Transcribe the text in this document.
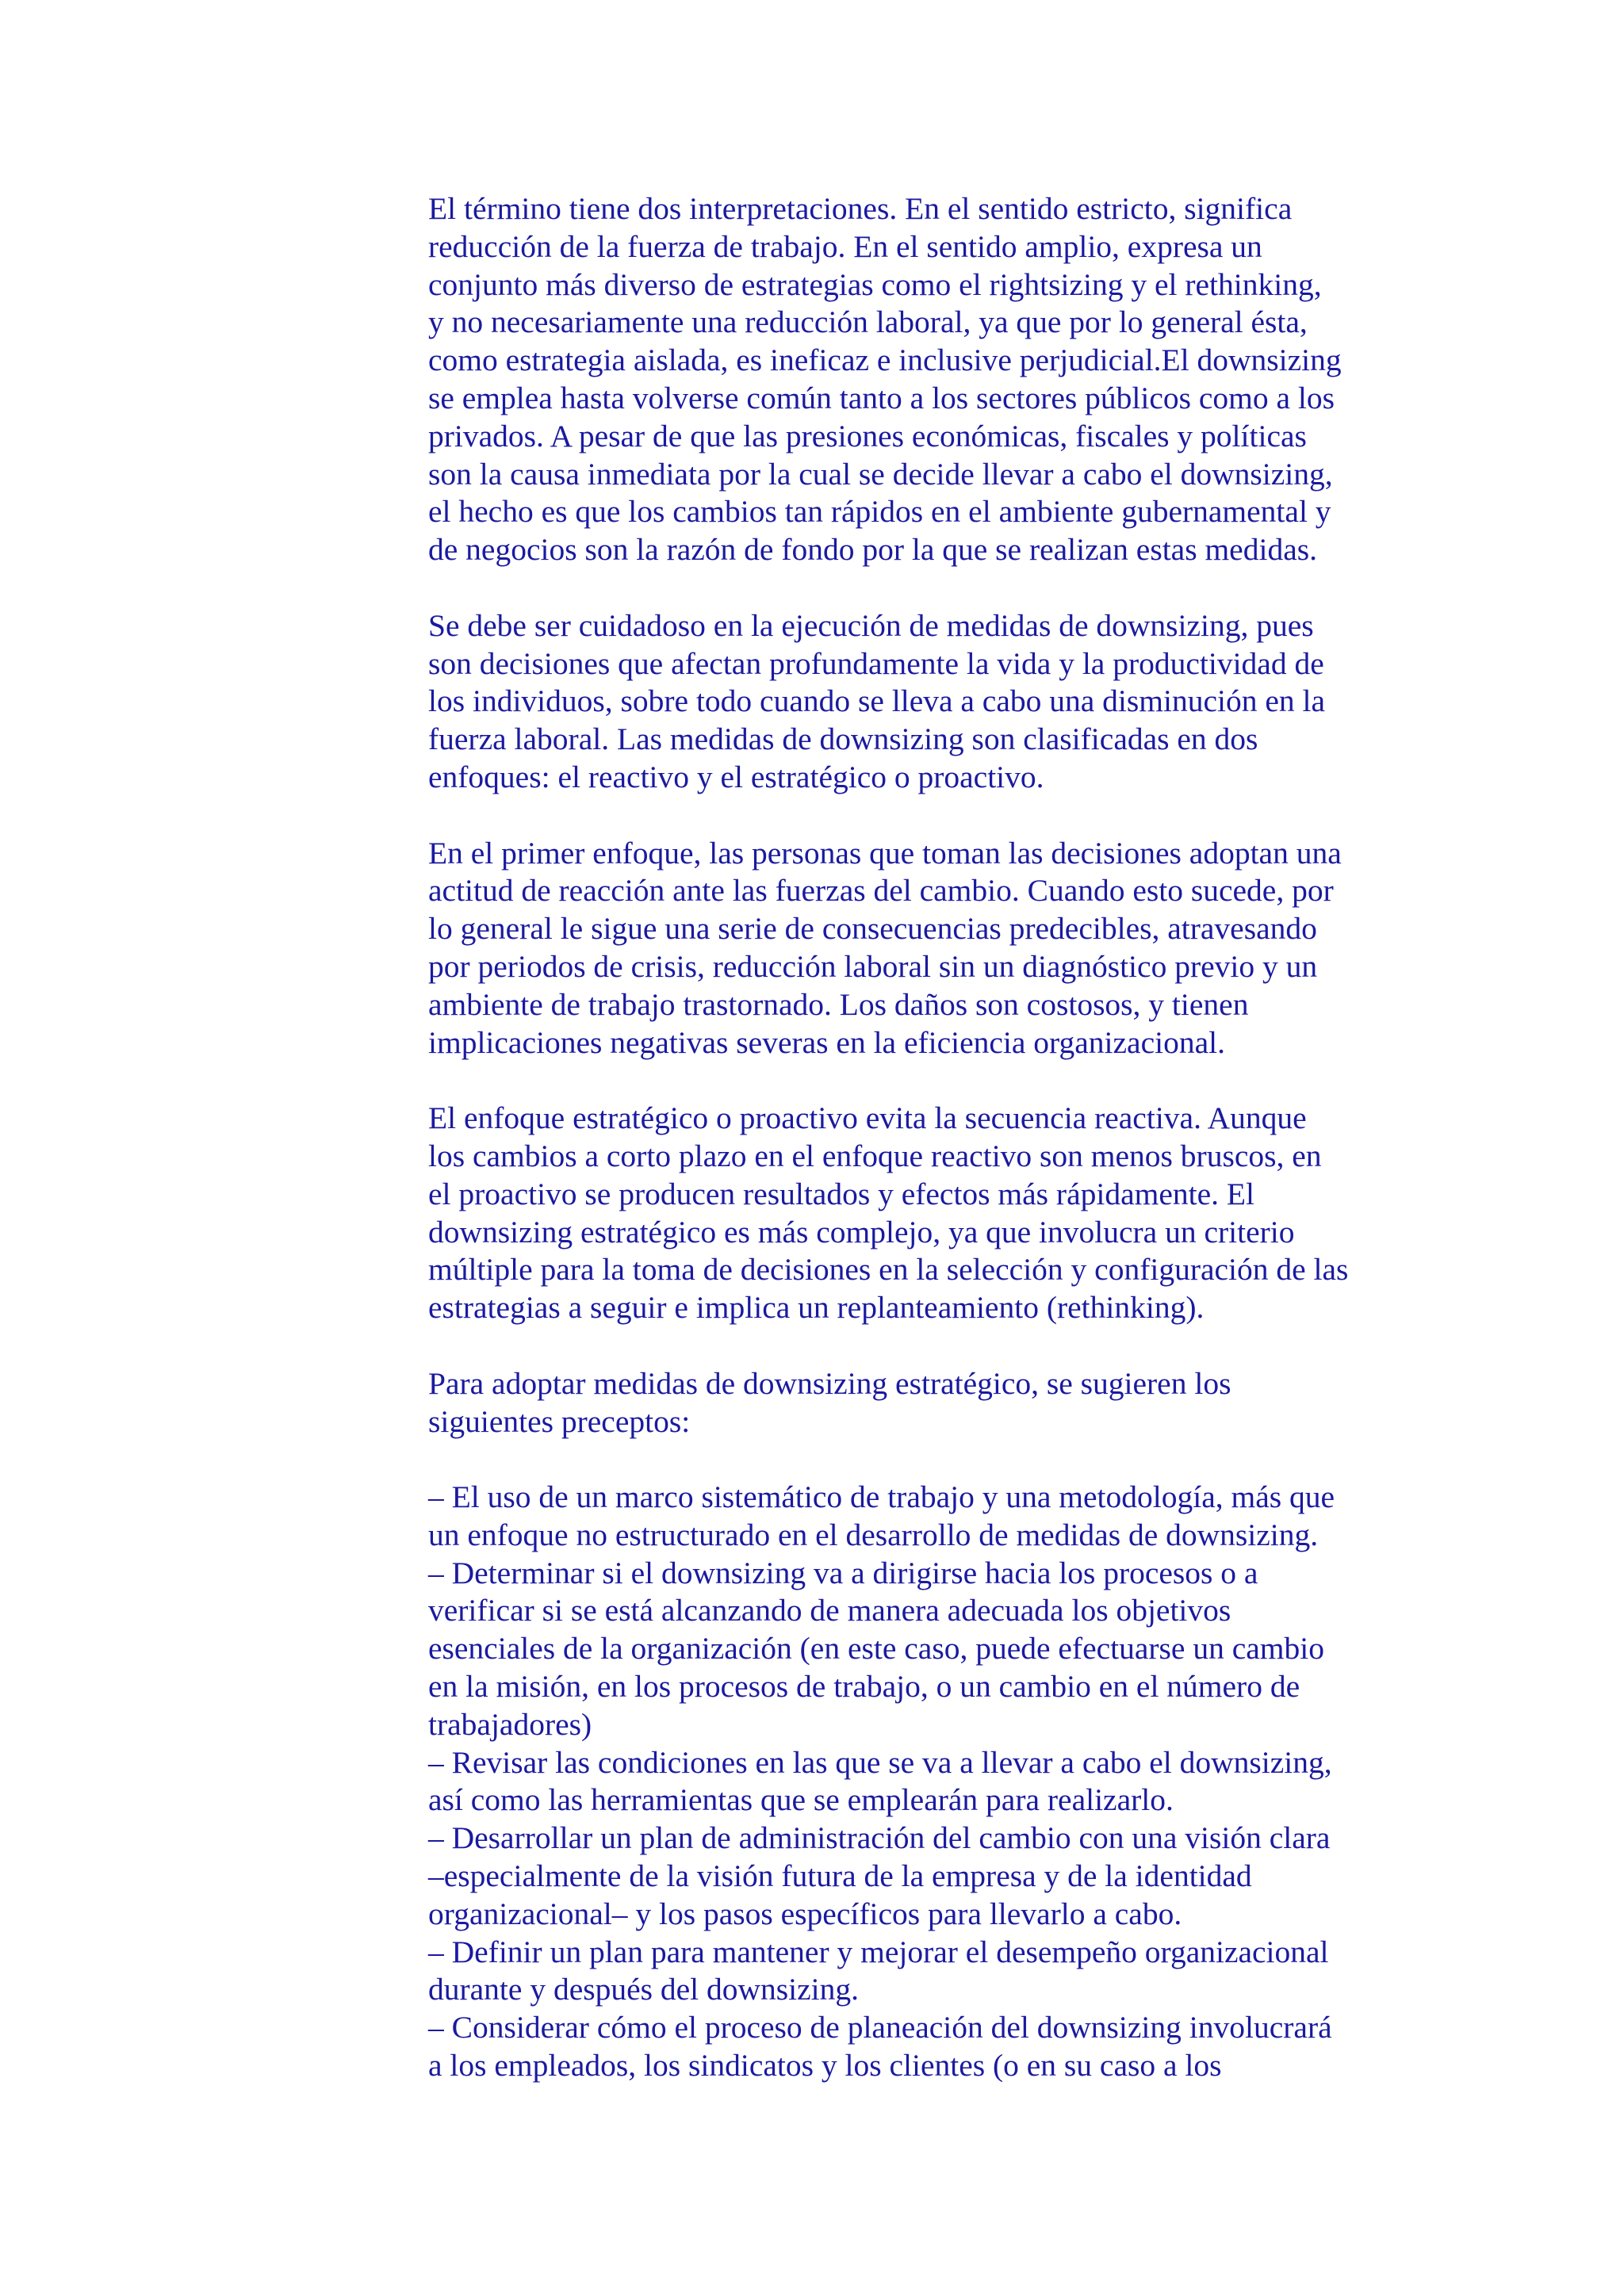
El término tiene dos interpretaciones. En el sentido estricto, significa
reducción de la fuerza de trabajo. En el sentido amplio, expresa un
conjunto más diverso de estrategias como el rightsizing y el rethinking,
y no necesariamente una reducción laboral, ya que por lo general ésta,
como estrategia aislada, es ineficaz e inclusive perjudicial.El downsizing
se emplea hasta volverse común tanto a los sectores públicos como a los
privados. A pesar de que las presiones económicas, fiscales y políticas
son la causa inmediata por la cual se decide llevar a cabo el downsizing,
el hecho es que los cambios tan rápidos en el ambiente gubernamental y
de negocios son la razón de fondo por la que se realizan estas medidas.

Se debe ser cuidadoso en la ejecución de medidas de downsizing, pues
son decisiones que afectan profundamente la vida y la productividad de
los individuos, sobre todo cuando se lleva a cabo una disminución en la
fuerza laboral. Las medidas de downsizing son clasificadas en dos
enfoques: el reactivo y el estratégico o proactivo.

En el primer enfoque, las personas que toman las decisiones adoptan una
actitud de reacción ante las fuerzas del cambio. Cuando esto sucede, por
lo general le sigue una serie de consecuencias predecibles, atravesando
por periodos de crisis, reducción laboral sin un diagnóstico previo y un
ambiente de trabajo trastornado. Los daños son costosos, y tienen
implicaciones negativas severas en la eficiencia organizacional.

El enfoque estratégico o proactivo evita la secuencia reactiva. Aunque
los cambios a corto plazo en el enfoque reactivo son menos bruscos, en
el proactivo se producen resultados y efectos más rápidamente. El
downsizing estratégico es más complejo, ya que involucra un criterio
múltiple para la toma de decisiones en la selección y configuración de las
estrategias a seguir e implica un replanteamiento (rethinking).

Para adoptar medidas de downsizing estratégico, se sugieren los
siguientes preceptos:

– El uso de un marco sistemático de trabajo y una metodología, más que
un enfoque no estructurado en el desarrollo de medidas de downsizing.
– Determinar si el downsizing va a dirigirse hacia los procesos o a
verificar si se está alcanzando de manera adecuada los objetivos
esenciales de la organización (en este caso, puede efectuarse un cambio
en la misión, en los procesos de trabajo, o un cambio en el número de
trabajadores)
– Revisar las condiciones en las que se va a llevar a cabo el downsizing,
así como las herramientas que se emplearán para realizarlo.
– Desarrollar un plan de administración del cambio con una visión clara
–especialmente de la visión futura de la empresa y de la identidad
organizacional– y los pasos específicos para llevarlo a cabo.
– Definir un plan para mantener y mejorar el desempeño organizacional
durante y después del downsizing.
– Considerar cómo el proceso de planeación del downsizing involucrará
a los empleados, los sindicatos y los clientes (o en su caso a los
